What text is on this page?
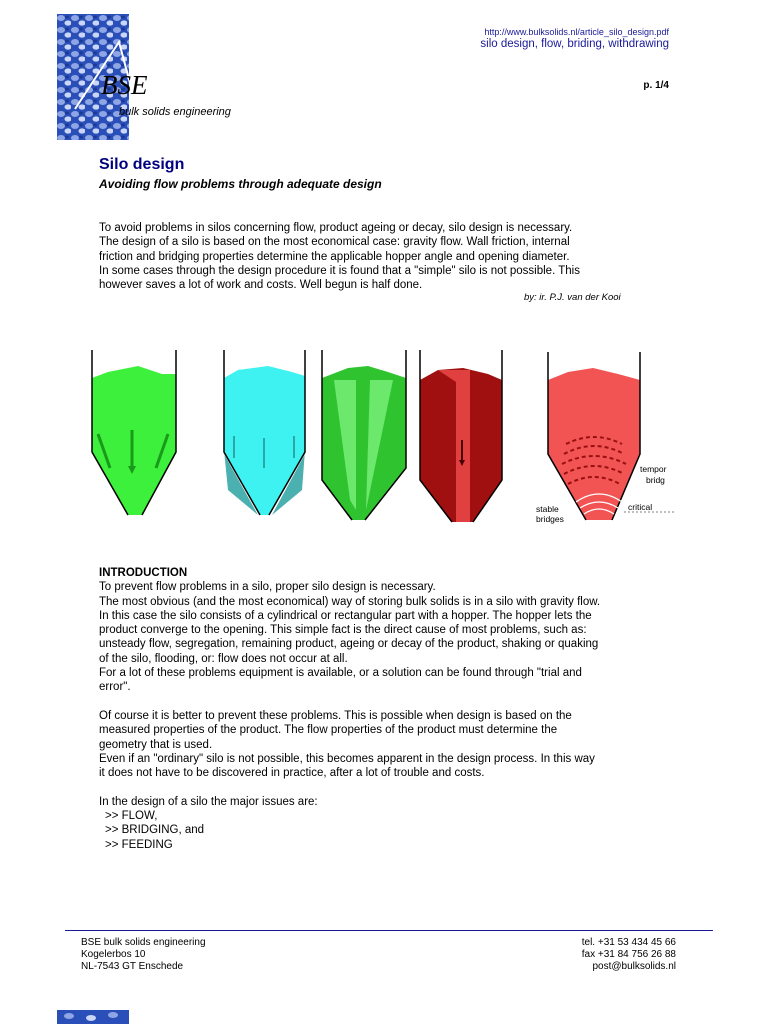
BSE
bulk solids engineering
http://www.bulksolids.nl/article_silo_design.pdf
silo design, flow, briding, withdrawing
p. 1/4
Silo design
Avoiding flow problems through adequate design
To avoid problems in silos concerning flow, product ageing or decay, silo design is necessary.
The design of a silo is based on the most economical case: gravity flow. Wall friction, internal
friction and bridging properties determine the applicable hopper angle and opening diameter.
In some cases through the design procedure it is found that a "simple" silo is not possible. This
however saves a lot of work and costs. Well begun is half done.
by: ir. P.J. van der Kooi
tempor
bridg
stable
bridges
critical
INTRODUCTION
To prevent flow problems in a silo, proper silo design is necessary.
The most obvious (and the most economical) way of storing bulk solids is in a silo with gravity flow.
In this case the silo consists of a cylindrical or rectangular part with a hopper. The hopper lets the
product converge to the opening. This simple fact is the direct cause of most problems, such as:
unsteady flow, segregation, remaining product, ageing or decay of the product, shaking or quaking
of the silo, flooding, or: flow does not occur at all.
For a lot of these problems equipment is available, or a solution can be found through "trial and
error".
Of course it is better to prevent these problems. This is possible when design is based on the
measured properties of the product. The flow properties of the product must determine the
geometry that is used.
Even if an "ordinary" silo is not possible, this becomes apparent in the design process. In this way
it does not have to be discovered in practice, after a lot of trouble and costs.
In the design of a silo the major issues are:
>> FLOW,
>> BRIDGING, and
>> FEEDING
BSE bulk solids engineering
Kogelerbos 10
NL-7543 GT Enschede
tel. +31 53 434 45 66
fax +31 84 756 26 88
post@bulksolids.nl
